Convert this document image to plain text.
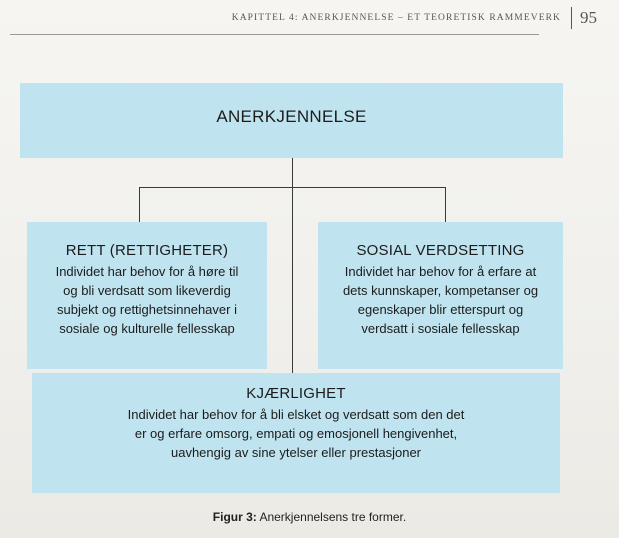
KAPITTEL 4: ANERKJENNELSE – ET TEORETISK RAMMEVERK 95
ANERKJENNELSE
RETT (RETTIGHETER)
Individet har behov for å høre til
og bli verdsatt som likeverdig
subjekt og rettighetsinnehaver i
sosiale og kulturelle fellesskap
SOSIAL VERDSETTING
Individet har behov for å erfare at
dets kunnskaper, kompetanser og
egenskaper blir etterspurt og
verdsatt i sosiale fellesskap
KJÆRLIGHET
Individet har behov for å bli elsket og verdsatt som den det
er og erfare omsorg, empati og emosjonell hengivenhet,
uavhengig av sine ytelser eller prestasjoner
Figur 3: Anerkjennelsens tre former.
